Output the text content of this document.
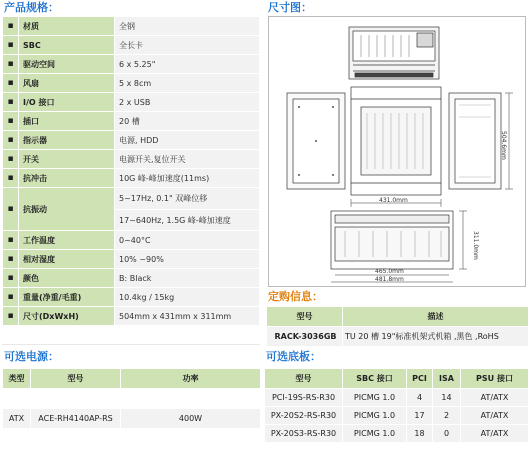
产品规格：
▪	材质	全钢
▪	SBC	全长卡
▪	驱动空间	6 x 5.25"
▪	风扇	5 x 8cm
▪	I/O 接口	2 x USB
▪	插口	20 槽
▪	指示器	电源, HDD
▪	开关	电源开关,复位开关
▪	抗冲击	10G 峰-峰加速度(11ms)
▪	抗振动	5~17Hz, 0.1" 双峰位移
17~640Hz, 1.5G 峰-峰加速度

▪	工作温度	0~40°C
▪	相对湿度	10% ~90%
▪	颜色	B: Black
▪	重量(净重/毛重)	10.4kg / 15kg
▪	尺寸(DxWxH)	504mm x 431mm x 311mm
尺寸图：
431.0mm
504.6mm
311.0mm
465.0mm
481.8mm
定购信息：
型号	描述
RACK-3036GB	TU 20 槽 19"标准机架式机箱 ,黑色 ,RoHS
可选电源：
类型	型号	功率

ATX	ACE-RH4140AP-RS	400W
可选底板：
型号	SBC 接口	PCI	ISA	PSU 接口
PCI-19S-RS-R30	PICMG 1.0	4	14	AT/ATX
PX-20S2-RS-R30	PICMG 1.0	17	2	AT/ATX
PX-20S3-RS-R30	PICMG 1.0	18	0	AT/ATX
